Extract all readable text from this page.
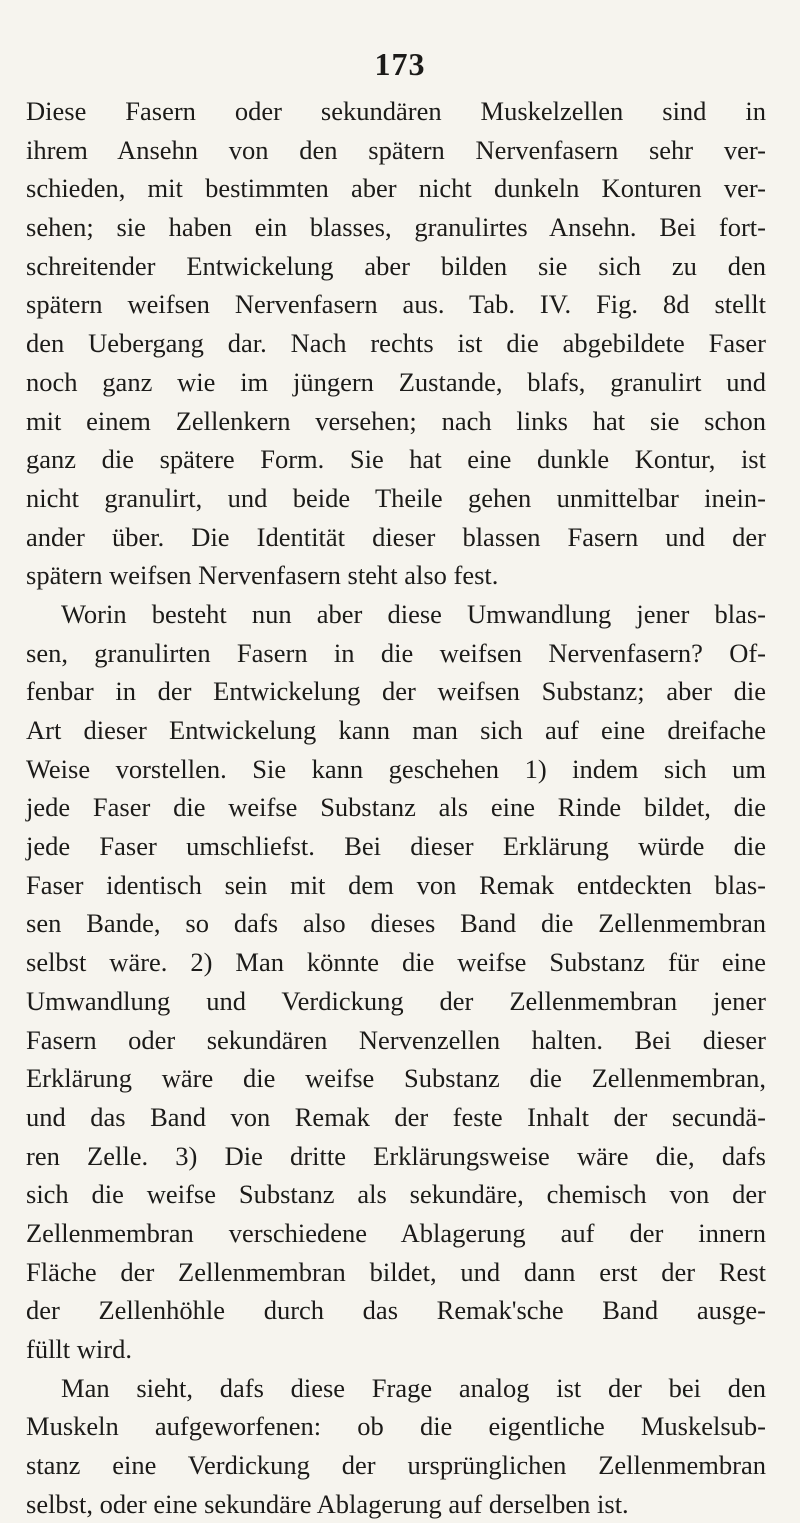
173
Diese Fasern oder sekundären Muskelzellen sind in
ihrem Ansehn von den spätern Nervenfasern sehr ver-
schieden, mit bestimmten aber nicht dunkeln Konturen ver-
sehen; sie haben ein blasses, granulirtes Ansehn. Bei fort-
schreitender Entwickelung aber bilden sie sich zu den
spätern weifsen Nervenfasern aus. Tab. IV. Fig. 8d stellt
den Uebergang dar. Nach rechts ist die abgebildete Faser
noch ganz wie im jüngern Zustande, blafs, granulirt und
mit einem Zellenkern versehen; nach links hat sie schon
ganz die spätere Form. Sie hat eine dunkle Kontur, ist
nicht granulirt, und beide Theile gehen unmittelbar inein-
ander über. Die Identität dieser blassen Fasern und der
spätern weifsen Nervenfasern steht also fest.
Worin besteht nun aber diese Umwandlung jener blas-
sen, granulirten Fasern in die weifsen Nervenfasern? Of-
fenbar in der Entwickelung der weifsen Substanz; aber die
Art dieser Entwickelung kann man sich auf eine dreifache
Weise vorstellen. Sie kann geschehen 1) indem sich um
jede Faser die weifse Substanz als eine Rinde bildet, die
jede Faser umschliefst. Bei dieser Erklärung würde die
Faser identisch sein mit dem von Remak entdeckten blas-
sen Bande, so dafs also dieses Band die Zellenmembran
selbst wäre. 2) Man könnte die weifse Substanz für eine
Umwandlung und Verdickung der Zellenmembran jener
Fasern oder sekundären Nervenzellen halten. Bei dieser
Erklärung wäre die weifse Substanz die Zellenmembran,
und das Band von Remak der feste Inhalt der secundä-
ren Zelle. 3) Die dritte Erklärungsweise wäre die, dafs
sich die weifse Substanz als sekundäre, chemisch von der
Zellenmembran verschiedene Ablagerung auf der innern
Fläche der Zellenmembran bildet, und dann erst der Rest
der Zellenhöhle durch das Remak'sche Band ausge-
füllt wird.
Man sieht, dafs diese Frage analog ist der bei den
Muskeln aufgeworfenen: ob die eigentliche Muskelsub-
stanz eine Verdickung der ursprünglichen Zellenmembran
selbst, oder eine sekundäre Ablagerung auf derselben ist.
